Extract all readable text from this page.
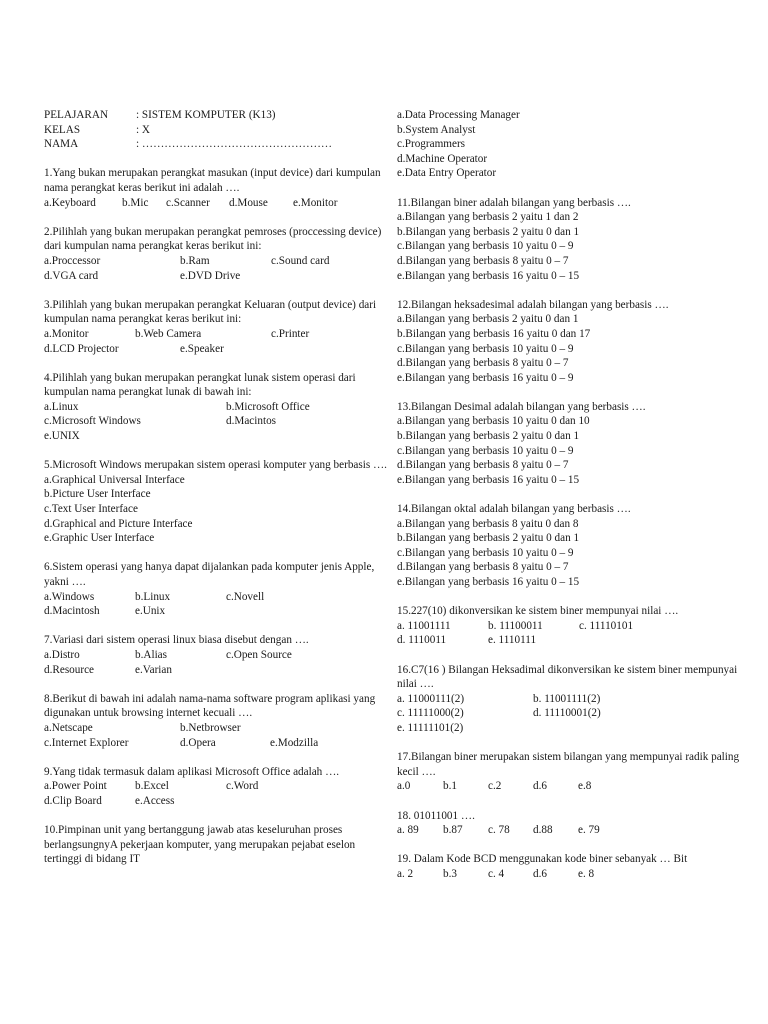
PELAJARAN	: SISTEM KOMPUTER (K13)
KELAS	: X
NAMA	: ……………………………………………
1.Yang bukan merupakan perangkat masukan (input device) dari kumpulan nama perangkat keras berikut ini adalah ….
a.Keyboard	b.Mic	c.Scanner	d.Mouse	e.Monitor
2.Pilihlah yang bukan merupakan perangkat pemroses (proccessing device) dari kumpulan nama perangkat keras berikut ini:
a.Proccessor	b.Ram	c.Sound card
d.VGA card	e.DVD Drive
3.Pilihlah yang bukan merupakan perangkat Keluaran (output device) dari kumpulan nama perangkat keras berikut ini:
a.Monitor	b.Web Camera	c.Printer
d.LCD Projector	e.Speaker
4.Pilihlah yang bukan merupakan perangkat lunak sistem operasi dari kumpulan nama perangkat lunak di bawah ini:
a.Linux	b.Microsoft Office
c.Microsoft Windows	d.Macintos
e.UNIX
5.Microsoft Windows merupakan sistem operasi komputer yang berbasis ….
a.Graphical Universal Interface
b.Picture User Interface
c.Text User Interface
d.Graphical and Picture Interface
e.Graphic User Interface
6.Sistem operasi yang hanya dapat dijalankan pada komputer jenis Apple, yakni ….
a.Windows	b.Linux	c.Novell
d.Macintosh	e.Unix
7.Variasi dari sistem operasi linux biasa disebut dengan ….
a.Distro	b.Alias	c.Open Source
d.Resource	e.Varian
8.Berikut di bawah ini adalah nama-nama software program aplikasi yang digunakan untuk browsing internet kecuali ….
a.Netscape	b.Netbrowser
c.Internet Explorer	d.Opera	e.Modzilla
9.Yang tidak termasuk dalam aplikasi Microsoft Office adalah ….
a.Power Point	b.Excel	c.Word
d.Clip Board	e.Access
10.Pimpinan unit yang bertanggung jawab atas keseluruhan proses berlangsungnyA pekerjaan komputer, yang merupakan pejabat eselon tertinggi di bidang IT
a.Data Processing Manager
b.System Analyst
c.Programmers
d.Machine Operator
e.Data Entry Operator
11.Bilangan biner adalah bilangan yang berbasis ….
a.Bilangan yang berbasis 2 yaitu 1 dan 2
b.Bilangan yang berbasis 2 yaitu 0 dan 1
c.Bilangan yang berbasis 10 yaitu 0 – 9
d.Bilangan yang berbasis 8 yaitu 0 – 7
e.Bilangan yang berbasis 16 yaitu 0 – 15
12.Bilangan heksadesimal adalah bilangan yang berbasis ….
a.Bilangan yang berbasis 2 yaitu 0 dan 1
b.Bilangan yang berbasis 16 yaitu 0 dan 17
c.Bilangan yang berbasis 10 yaitu 0 – 9
d.Bilangan yang berbasis 8 yaitu 0 – 7
e.Bilangan yang berbasis 16 yaitu 0 – 9
13.Bilangan Desimal adalah bilangan yang berbasis ….
a.Bilangan yang berbasis 10 yaitu 0 dan 10
b.Bilangan yang berbasis 2 yaitu 0 dan 1
c.Bilangan yang berbasis 10 yaitu 0 – 9
d.Bilangan yang berbasis 8 yaitu 0 – 7
e.Bilangan yang berbasis 16 yaitu 0 – 15
14.Bilangan oktal adalah bilangan yang berbasis ….
a.Bilangan yang berbasis 8 yaitu 0 dan 8
b.Bilangan yang berbasis 2 yaitu 0 dan 1
c.Bilangan yang berbasis 10 yaitu 0 – 9
d.Bilangan yang berbasis 8 yaitu 0 – 7
e.Bilangan yang berbasis 16 yaitu 0 – 15
15.227(10) dikonversikan ke sistem biner mempunyai nilai ….
a. 11001111	b. 11100011	c. 11110101
d. 1110011	e. 1110111
16.C7(16 ) Bilangan Heksadimal dikonversikan ke sistem biner mempunyai nilai ….
a. 11000111(2)	b. 11001111(2)
c. 11111000(2)	d. 11110001(2)
e. 11111101(2)
17.Bilangan biner merupakan sistem bilangan yang mempunyai radik paling kecil ….
a.0	b.1	c.2	d.6	e.8
18. 01011001 ….
a. 89	b.87	c. 78	d.88	e. 79
19. Dalam Kode BCD menggunakan kode biner sebanyak … Bit
a. 2	b.3	c. 4	d.6	e. 8
